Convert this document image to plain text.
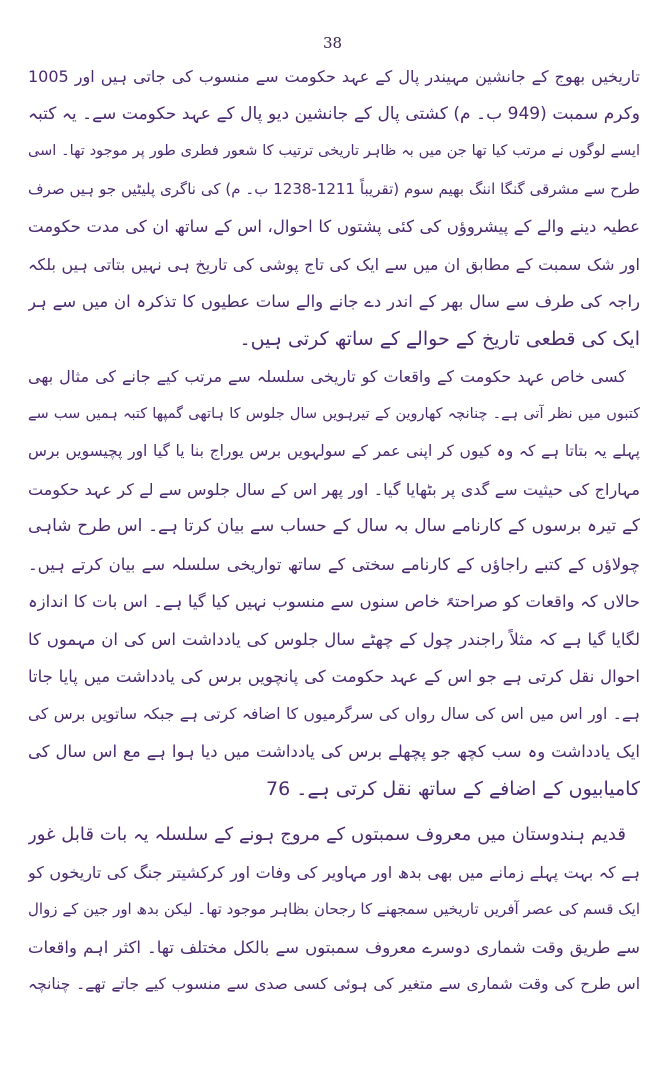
38
تاریخیں بھوج کے جانشین مہیندر پال کے عہد حکومت سے منسوب کی جاتی ہیں اور 1005
وکرم سمبت (949 ب۔ م) کشتی پال کے جانشین دیو پال کے عہد حکومت سے۔ یہ کتبہ
ایسے لوگوں نے مرتب کیا تھا جن میں بہ ظاہر تاریخی ترتیب کا شعور فطری طور پر موجود تھا۔ اسی
طرح سے مشرقی گنگا اننگ بھیم سوم (تقریباً 1211-1238 ب۔ م) کی ناگری پلیٹیں جو ہیں صرف
عطیہ دینے والے کے پیشروؤں کی کئی پشتوں کا احوال، اس کے ساتھ ان کی مدت حکومت
اور شک سمبت کے مطابق ان میں سے ایک کی تاج پوشی کی تاریخ ہی نہیں بتاتی ہیں بلکہ
راجہ کی طرف سے سال بھر کے اندر دے جانے والے سات عطیوں کا تذکرہ ان میں سے ہر
ایک کی قطعی تاریخ کے حوالے کے ساتھ کرتی ہیں۔
کسی خاص عہد حکومت کے واقعات کو تاریخی سلسلہ سے مرتب کیے جانے کی مثال بھی
کتبوں میں نظر آتی ہے۔ چنانچہ کھاروین کے تیرہویں سال جلوس کا ہاتھی گمپھا کتبہ ہمیں سب سے
پہلے یہ بتاتا ہے کہ وہ کیوں کر اپنی عمر کے سولہویں برس یوراج بنا یا گیا اور پچیسویں برس
مہاراج کی حیثیت سے گدی پر بٹھایا گیا۔ اور پھر اس کے سال جلوس سے لے کر عہد حکومت
کے تیرہ برسوں کے کارنامے سال بہ سال کے حساب سے بیان کرتا ہے۔ اس طرح شاہی
چولاؤں کے کتبے راجاؤں کے کارنامے سختی کے ساتھ تواریخی سلسلہ سے بیان کرتے ہیں۔
حالاں کہ واقعات کو صراحتہً خاص سنوں سے منسوب نہیں کیا گیا ہے۔ اس بات کا اندازہ
لگایا گیا ہے کہ مثلاً راجندر چول کے چھٹے سال جلوس کی یادداشت اس کی ان مہموں کا
احوال نقل کرتی ہے جو اس کے عہد حکومت کی پانچویں برس کی یادداشت میں پایا جاتا
ہے۔ اور اس میں اس کی سال رواں کی سرگرمیوں کا اضافہ کرتی ہے جبکہ ساتویں برس کی
ایک یادداشت وہ سب کچھ جو پچھلے برس کی یادداشت میں دیا ہوا ہے مع اس سال کی
کامیابیوں کے اضافے کے ساتھ نقل کرتی ہے۔ 76
قدیم ہندوستان میں معروف سمبتوں کے مروج ہونے کے سلسلہ یہ بات قابل غور
ہے کہ بہت پہلے زمانے میں بھی بدھ اور مہاویر کی وفات اور کرکشیتر جنگ کی تاریخوں کو
ایک قسم کی عصر آفریں تاریخیں سمجھنے کا رجحان بظاہر موجود تھا۔ لیکن بدھ اور جین کے زوال
سے طریق وقت شماری دوسرے معروف سمبتوں سے بالکل مختلف تھا۔ اکثر اہم واقعات
اس طرح کی وقت شماری سے متغیر کی ہوئی کسی صدی سے منسوب کیے جاتے تھے۔ چنانچہ
